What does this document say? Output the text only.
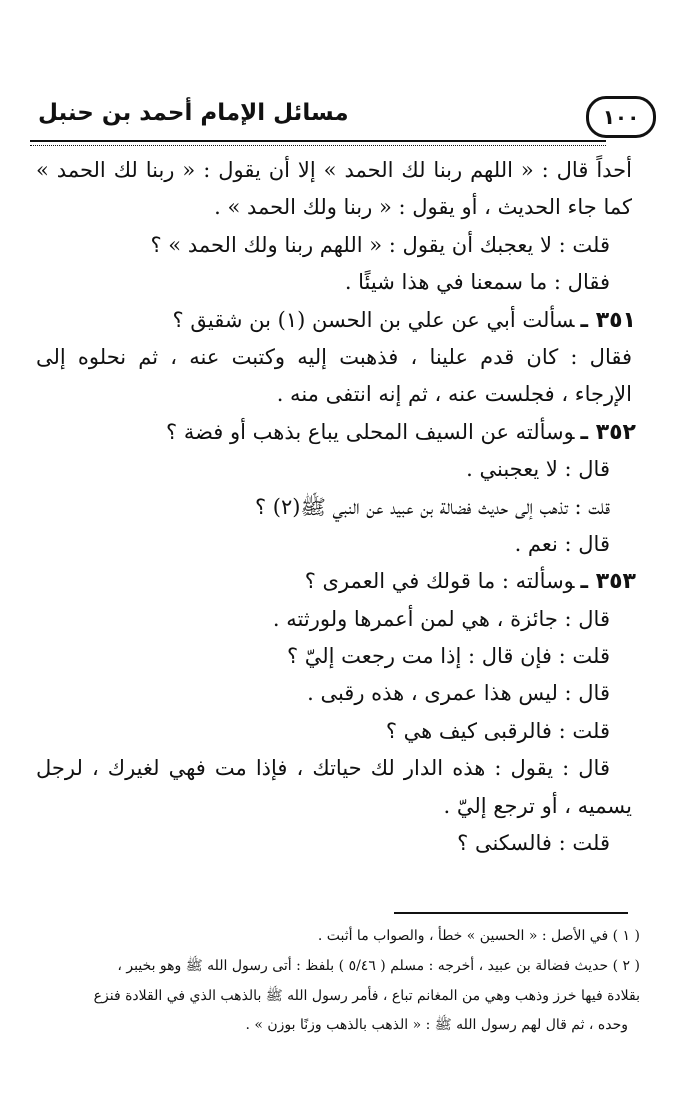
مسائل الإمام أحمد بن حنبل	١٠٠
أحداً قال : « اللهم ربنا لك الحمد » إلا أن يقول : « ربنا لك الحمد »
كما جاء الحديث ، أو يقول : « ربنا ولك الحمد » .
قلت : لا يعجبك أن يقول : « اللهم ربنا ولك الحمد » ؟
فقال : ما سمعنا في هذا شيئًا .
٣٥١ ـسألت أبي عن علي بن الحسن (١) بن شقيق ؟
فقال : كان قدم علينا ، فذهبت إليه وكتبت عنه ، ثم نحلوه إلى
الإرجاء ، فجلست عنه ، ثم إنه انتفى منه .
٣٥٢ ـوسألته عن السيف المحلى يباع بذهب أو فضة ؟
قال : لا يعجبني .
قلت : تذهب إلى حديث فضالة بن عبيد عن النبي ﷺ(٢) ؟
قال : نعم .
٣٥٣ ـوسألته : ما قولك في العمرى ؟
قال : جائزة ، هي لمن أعمرها ولورثته .
قلت : فإن قال : إذا مت رجعت إليّ ؟
قال : ليس هذا عمرى ، هذه رقبى .
قلت : فالرقبى كيف هي ؟
قال : يقول : هذه الدار لك حياتك ، فإذا مت فهي لغيرك ، لرجل
يسميه ، أو ترجع إليّ .
قلت : فالسكنى ؟
( ١ ) في الأصل : « الحسين » خطأ ، والصواب ما أثبت .
( ٢ ) حديث فضالة بن عبيد ، أخرجه : مسلم ( ٥/٤٦ ) بلفظ : أتى رسول الله ﷺ وهو بخيبر ،
بقلادة فيها خرز وذهب وهي من المغانم تباع ، فأمر رسول الله ﷺ بالذهب الذي في القلادة فنزع
وحده ، ثم قال لهم رسول الله ﷺ : « الذهب بالذهب وزنًا بوزن » .
